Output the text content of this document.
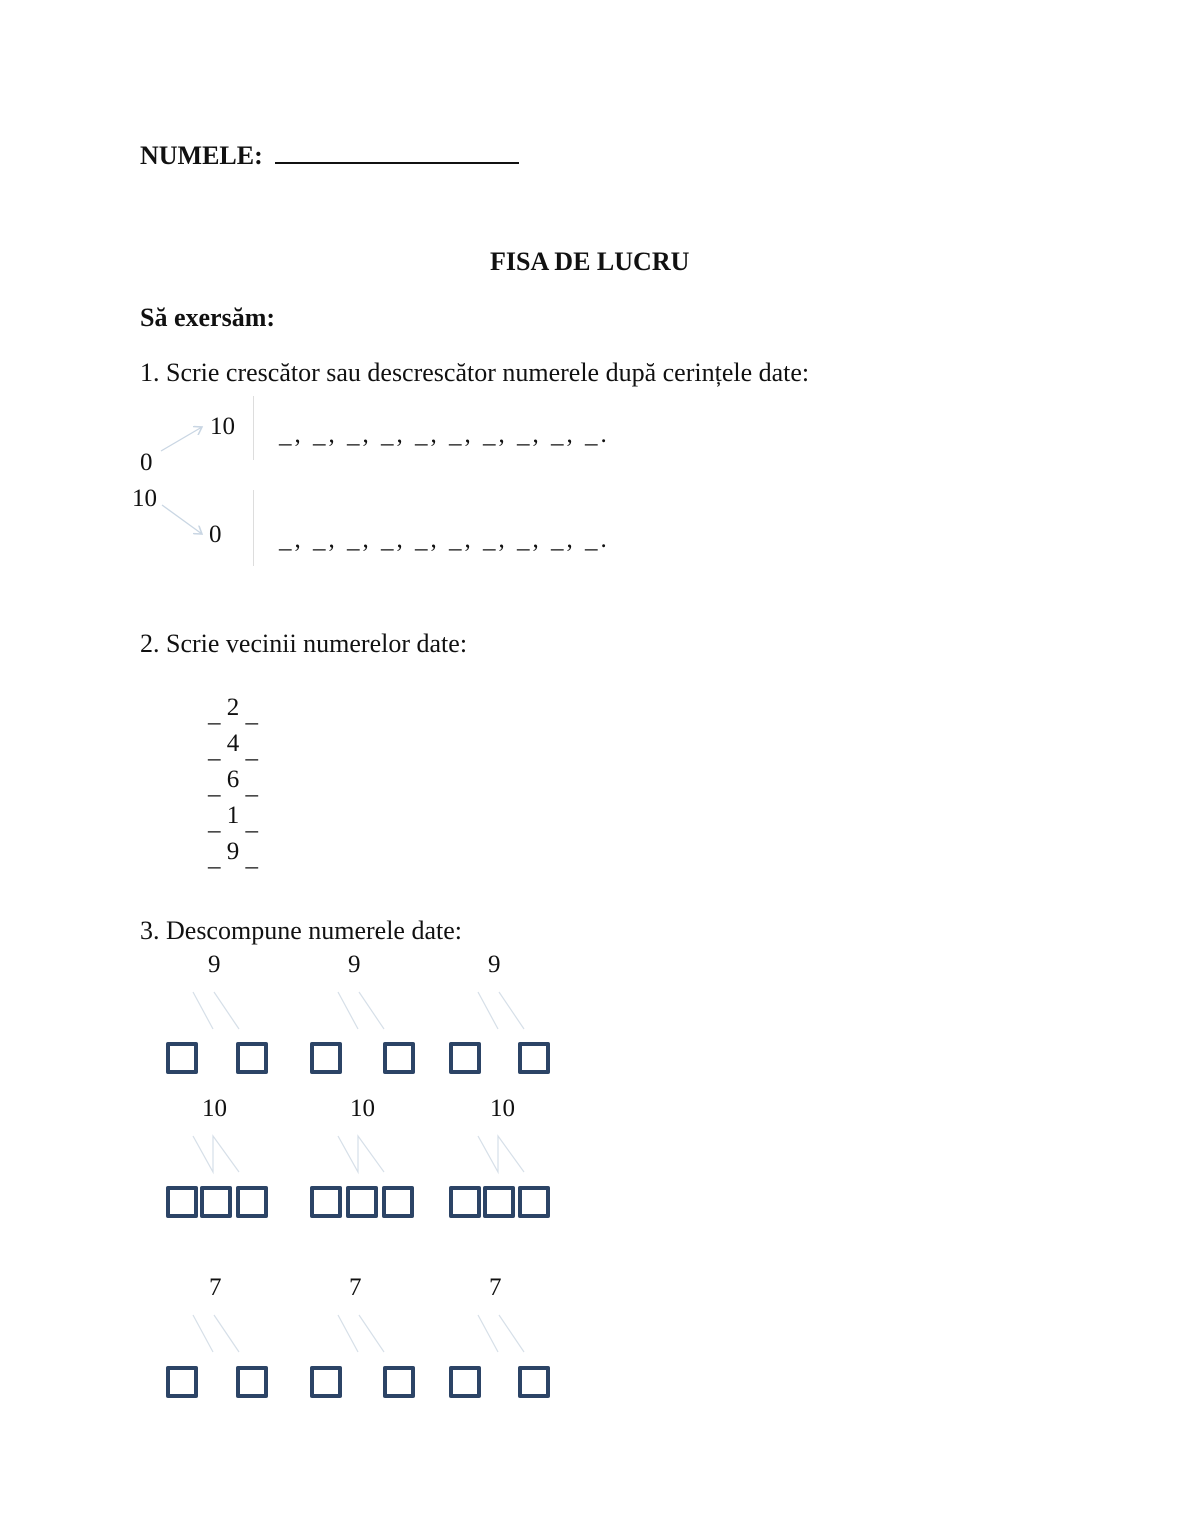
NUMELE:
FISA DE LUCRU
Să exersăm:
1. Scrie crescător sau descrescător numerele după cerințele date:
0
10 _, _, _, _, _, _, _, _, _, _.
10
0 _, _, _, _, _, _, _, _, _, _.
2. Scrie vecinii numerelor date:
_ 2 _
_ 4 _
_ 6 _
_ 1 _
_ 9 _
3. Descompune numerele date:
9	9	9
10	10	10
7	7	7
